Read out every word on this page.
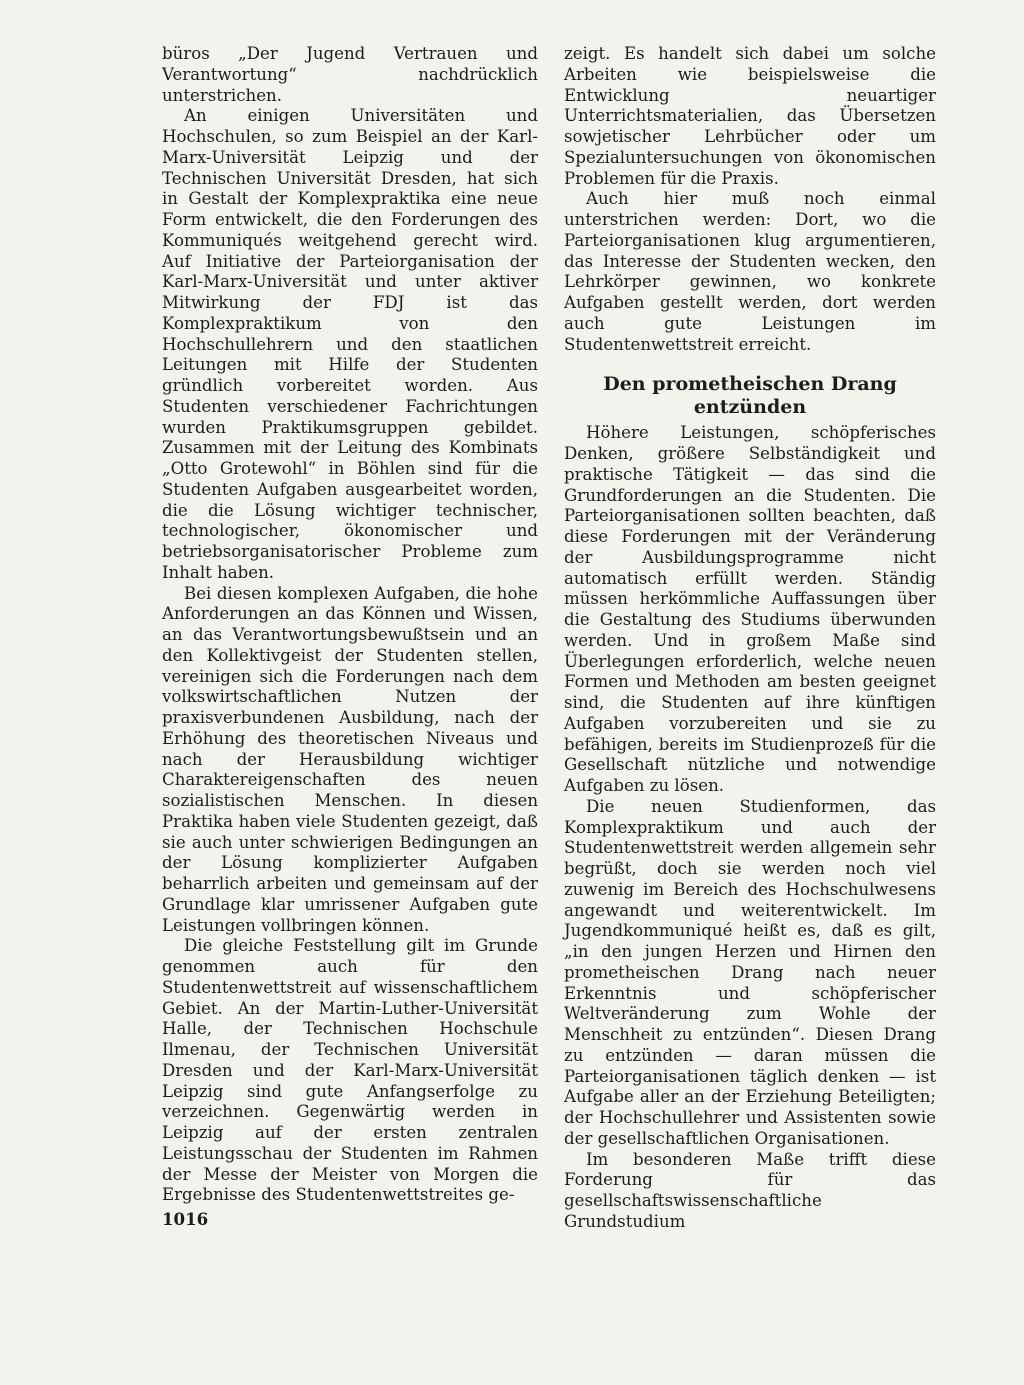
büros „Der Jugend Vertrauen und Verantwortung“ nachdrücklich unterstrichen.

An einigen Universitäten und Hochschulen, so zum Beispiel an der Karl-Marx-Universität Leipzig und der Technischen Universität Dresden, hat sich in Gestalt der Komplexpraktika eine neue Form entwickelt, die den Forderungen des Kommuniqués weitgehend gerecht wird. Auf Initiative der Parteiorganisation der Karl-Marx-Universität und unter aktiver Mitwirkung der FDJ ist das Komplexpraktikum von den Hochschullehrern und den staatlichen Leitungen mit Hilfe der Studenten gründlich vorbereitet worden. Aus Studenten verschiedener Fachrichtungen wurden Praktikumsgruppen gebildet. Zusammen mit der Leitung des Kombinats „Otto Grotewohl“ in Böhlen sind für die Studenten Aufgaben ausgearbeitet worden, die die Lösung wichtiger technischer, technologischer, ökonomischer und betriebsorganisatorischer Probleme zum Inhalt haben.

Bei diesen komplexen Aufgaben, die hohe Anforderungen an das Können und Wissen, an das Verantwortungsbewußtsein und an den Kollektivgeist der Studenten stellen, vereinigen sich die Forderungen nach dem volkswirtschaftlichen Nutzen der praxisverbundenen Ausbildung, nach der Erhöhung des theoretischen Niveaus und nach der Herausbildung wichtiger Charaktereigenschaften des neuen sozialistischen Menschen. In diesen Praktika haben viele Studenten gezeigt, daß sie auch unter schwierigen Bedingungen an der Lösung komplizierter Aufgaben beharrlich arbeiten und gemeinsam auf der Grundlage klar umrissener Aufgaben gute Leistungen vollbringen können.

Die gleiche Feststellung gilt im Grunde genommen auch für den Studentenwettstreit auf wissenschaftlichem Gebiet. An der Martin-Luther-Universität Halle, der Technischen Hochschule Ilmenau, der Technischen Universität Dresden und der Karl-Marx-Universität Leipzig sind gute Anfangserfolge zu verzeichnen. Gegenwärtig werden in Leipzig auf der ersten zentralen Leistungsschau der Studenten im Rahmen der Messe der Meister von Morgen die Ergebnisse des Studentenwettstreites ge-

zeigt. Es handelt sich dabei um solche Arbeiten wie beispielsweise die Entwicklung neuartiger Unterrichtsmaterialien, das Übersetzen sowjetischer Lehrbücher oder um Spezialuntersuchungen von ökonomischen Problemen für die Praxis.

Auch hier muß noch einmal unterstrichen werden: Dort, wo die Parteiorganisationen klug argumentieren, das Interesse der Studenten wecken, den Lehrkörper gewinnen, wo konkrete Aufgaben gestellt werden, dort werden auch gute Leistungen im Studentenwettstreit erreicht.

Den prometheischen Drang entzünden

Höhere Leistungen, schöpferisches Denken, größere Selbständigkeit und praktische Tätigkeit — das sind die Grundforderungen an die Studenten. Die Parteiorganisationen sollten beachten, daß diese Forderungen mit der Veränderung der Ausbildungsprogramme nicht automatisch erfüllt werden. Ständig müssen herkömmliche Auffassungen über die Gestaltung des Studiums überwunden werden. Und in großem Maße sind Überlegungen erforderlich, welche neuen Formen und Methoden am besten geeignet sind, die Studenten auf ihre künftigen Aufgaben vorzubereiten und sie zu befähigen, bereits im Studienprozeß für die Gesellschaft nützliche und notwendige Aufgaben zu lösen.

Die neuen Studienformen, das Komplexpraktikum und auch der Studentenwettstreit werden allgemein sehr begrüßt, doch sie werden noch viel zuwenig im Bereich des Hochschulwesens angewandt und weiterentwickelt. Im Jugendkommuniqué heißt es, daß es gilt, „in den jungen Herzen und Hirnen den prometheischen Drang nach neuer Erkenntnis und schöpferischer Weltveränderung zum Wohle der Menschheit zu entzünden“. Diesen Drang zu entzünden — daran müssen die Parteiorganisationen täglich denken — ist Aufgabe aller an der Erziehung Beteiligten; der Hochschullehrer und Assistenten sowie der gesellschaftlichen Organisationen.

Im besonderen Maße trifft diese Forderung für das gesellschaftswissenschaftliche Grundstudium

1016
